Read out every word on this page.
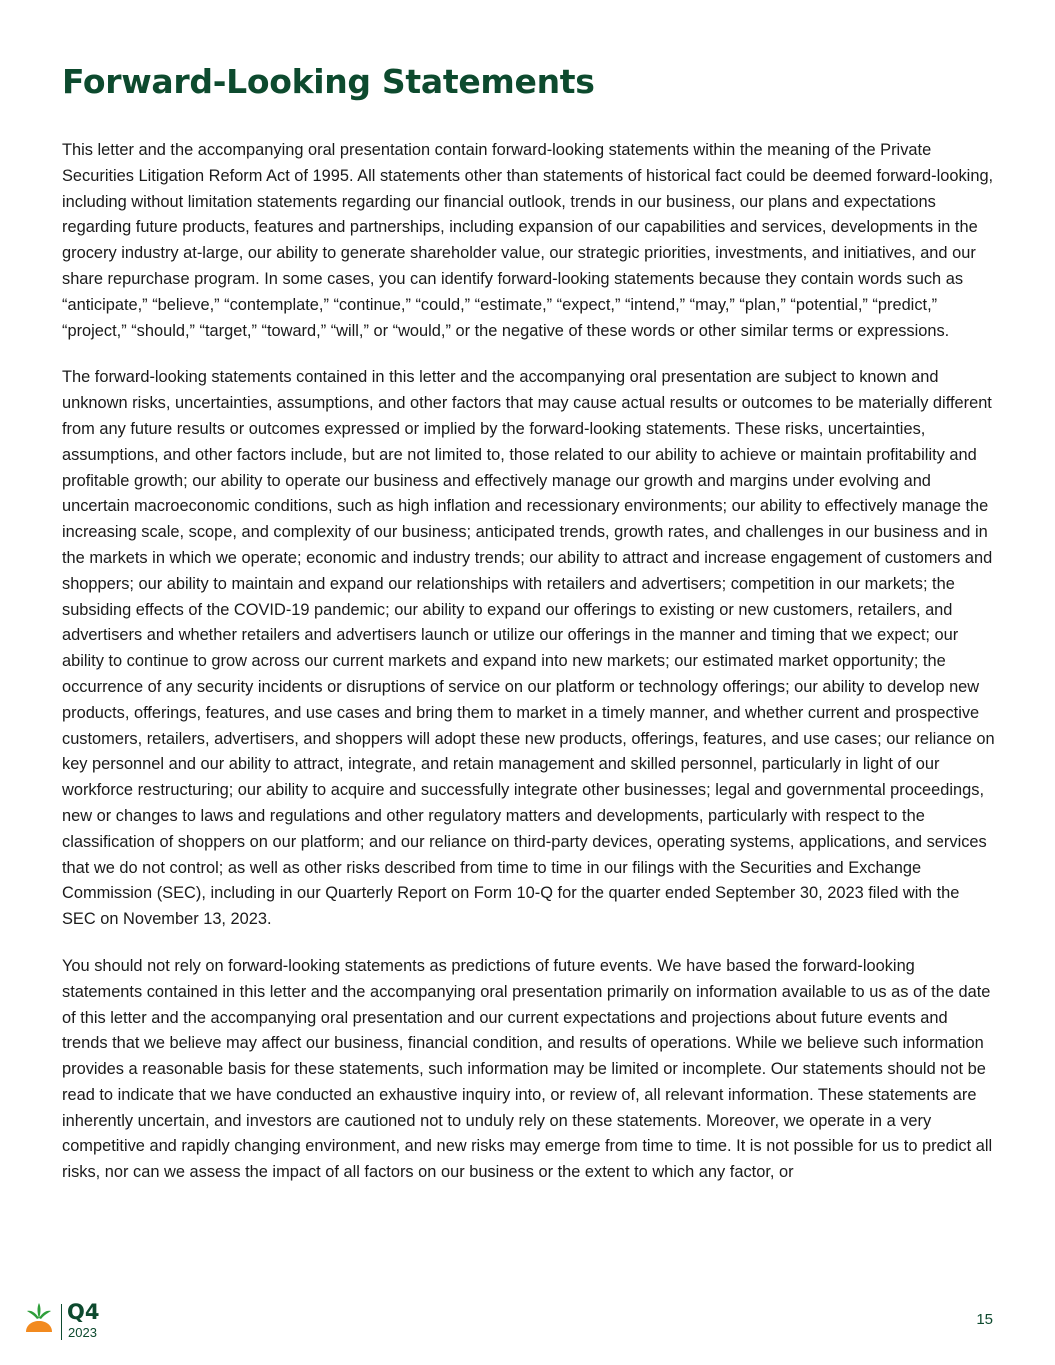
Forward-Looking Statements

This letter and the accompanying oral presentation contain forward-looking statements within the meaning of the Private Securities Litigation Reform Act of 1995. All statements other than statements of historical fact could be deemed forward-looking, including without limitation statements regarding our financial outlook, trends in our business, our plans and expectations regarding future products, features and partnerships, including expansion of our capabilities and services, developments in the grocery industry at-large, our ability to generate shareholder value, our strategic priorities, investments, and initiatives, and our share repurchase program. In some cases, you can identify forward-looking statements because they contain words such as “anticipate,” “believe,” “contemplate,” “continue,” “could,” “estimate,” “expect,” “intend,” “may,” “plan,” “potential,” “predict,” “project,” “should,” “target,” “toward,” “will,” or “would,” or the negative of these words or other similar terms or expressions.

The forward-looking statements contained in this letter and the accompanying oral presentation are subject to known and unknown risks, uncertainties, assumptions, and other factors that may cause actual results or outcomes to be materially different from any future results or outcomes expressed or implied by the forward-looking statements. These risks, uncertainties, assumptions, and other factors include, but are not limited to, those related to our ability to achieve or maintain profitability and profitable growth; our ability to operate our business and effectively manage our growth and margins under evolving and uncertain macroeconomic conditions, such as high inflation and recessionary environments; our ability to effectively manage the increasing scale, scope, and complexity of our business; anticipated trends, growth rates, and challenges in our business and in the markets in which we operate; economic and industry trends; our ability to attract and increase engagement of customers and shoppers; our ability to maintain and expand our relationships with retailers and advertisers; competition in our markets; the subsiding effects of the COVID-19 pandemic; our ability to expand our offerings to existing or new customers, retailers, and advertisers and whether retailers and advertisers launch or utilize our offerings in the manner and timing that we expect; our ability to continue to grow across our current markets and expand into new markets; our estimated market opportunity; the occurrence of any security incidents or disruptions of service on our platform or technology offerings; our ability to develop new products, offerings, features, and use cases and bring them to market in a timely manner, and whether current and prospective customers, retailers, advertisers, and shoppers will adopt these new products, offerings, features, and use cases; our reliance on key personnel and our ability to attract, integrate, and retain management and skilled personnel, particularly in light of our workforce restructuring; our ability to acquire and successfully integrate other businesses; legal and governmental proceedings, new or changes to laws and regulations and other regulatory matters and developments, particularly with respect to the classification of shoppers on our platform; and our reliance on third-party devices, operating systems, applications, and services that we do not control; as well as other risks described from time to time in our filings with the Securities and Exchange Commission (SEC), including in our Quarterly Report on Form 10-Q for the quarter ended September 30, 2023 filed with the SEC on November 13, 2023.

You should not rely on forward-looking statements as predictions of future events. We have based the forward-looking statements contained in this letter and the accompanying oral presentation primarily on information available to us as of the date of this letter and the accompanying oral presentation and our current expectations and projections about future events and trends that we believe may affect our business, financial condition, and results of operations. While we believe such information provides a reasonable basis for these statements, such information may be limited or incomplete. Our statements should not be read to indicate that we have conducted an exhaustive inquiry into, or review of, all relevant information. These statements are inherently uncertain, and investors are cautioned not to unduly rely on these statements. Moreover, we operate in a very competitive and rapidly changing environment, and new risks may emerge from time to time. It is not possible for us to predict all risks, nor can we assess the impact of all factors on our business or the extent to which any factor, or

Q4
2023
15
